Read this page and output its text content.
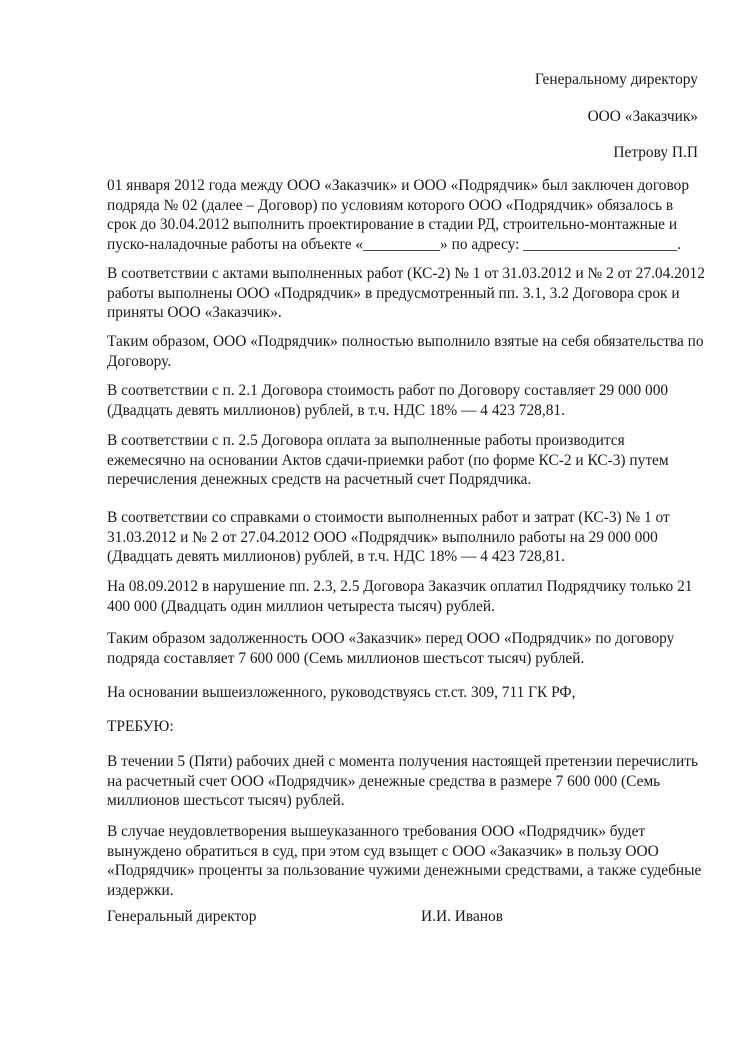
Генеральному директору
ООО «Заказчик»
Петрову П.П
01 января 2012 года между ООО «Заказчик» и ООО «Подрядчик» был заключен договор
подряда № 02 (далее – Договор) по условиям которого ООО «Подрядчик» обязалось в
срок до 30.04.2012 выполнить проектирование в стадии РД, строительно-монтажные и
пуско-наладочные работы на объекте «__________» по адресу: ____________________.
В соответствии с актами выполненных работ (КС-2) № 1 от 31.03.2012 и № 2 от 27.04.2012
работы выполнены ООО «Подрядчик» в предусмотренный пп. 3.1, 3.2 Договора срок и
приняты ООО «Заказчик».
Таким образом, ООО «Подрядчик» полностью выполнило взятые на себя обязательства по
Договору.
В соответствии с п. 2.1 Договора стоимость работ по Договору составляет 29 000 000
(Двадцать девять миллионов) рублей, в т.ч. НДС 18% — 4 423 728,81.
В соответствии с п. 2.5 Договора оплата за выполненные работы производится
ежемесячно на основании Актов сдачи-приемки работ (по форме КС-2 и КС-3) путем
перечисления денежных средств на расчетный счет Подрядчика.
В соответствии со справками о стоимости выполненных работ и затрат (КС-3) № 1 от
31.03.2012 и № 2 от 27.04.2012 ООО «Подрядчик» выполнило работы на 29 000 000
(Двадцать девять миллионов) рублей, в т.ч. НДС 18% — 4 423 728,81.
На 08.09.2012 в нарушение пп. 2.3, 2.5 Договора Заказчик оплатил Подрядчику только 21
400 000 (Двадцать один миллион четыреста тысяч) рублей.
Таким образом задолженность ООО «Заказчик» перед ООО «Подрядчик» по договору
подряда составляет 7 600 000 (Семь миллионов шестьсот тысяч) рублей.
На основании вышеизложенного, руководствуясь ст.ст. 309, 711 ГК РФ,
ТРЕБУЮ:
В течении 5 (Пяти) рабочих дней с момента получения настоящей претензии перечислить
на расчетный счет ООО «Подрядчик» денежные средства в размере 7 600 000 (Семь
миллионов шестьсот тысяч) рублей.
В случае неудовлетворения вышеуказанного требования ООО «Подрядчик» будет
вынуждено обратиться в суд, при этом суд взыщет с ООО «Заказчик» в пользу ООО
«Подрядчик» проценты за пользование чужими денежными средствами, а также судебные
издержки.
Генеральный директор	И.И. Иванов
